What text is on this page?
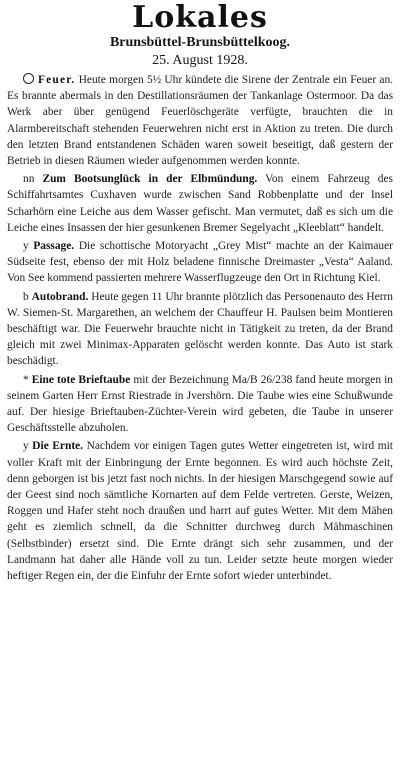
Lokales
Brunsbüttel-Brunsbüttelkoog.
25. August 1928.

Feuer. Heute morgen 5½ Uhr kündete die Sirene der Zentrale ein Feuer an. Es brannte abermals in den Destillationsräumen der Tankanlage Ostermoor. Da das Werk aber über genügend Feuerlöschgeräte verfügte, brauchten die in Alarmbereitschaft stehenden Feuerwehren nicht erst in Aktion zu treten. Die durch den letzten Brand entstandenen Schäden waren soweit beseitigt, daß gestern der Betrieb in diesen Räumen wieder aufgenommen werden konnte.

nn Zum Bootsunglück in der Elbmündung. Von einem Fahrzeug des Schiffahrtsamtes Cuxhaven wurde zwischen Sand Robbenplatte und der Insel Scharhörn eine Leiche aus dem Wasser gefischt. Man vermutet, daß es sich um die Leiche eines Insassen der hier gesunkenen Bremer Segelyacht „Kleeblatt“ handelt.

y Passage. Die schottische Motoryacht „Grey Mist“ machte an der Kaimauer Südseite fest, ebenso der mit Holz beladene finnische Dreimaster „Vesta“ Aaland. Von See kommend passierten mehrere Wasserflugzeuge den Ort in Richtung Kiel.

b Autobrand. Heute gegen 11 Uhr brannte plötzlich das Personenauto des Herrn W. Siemen-St. Margarethen, an welchem der Chauffeur H. Paulsen beim Montieren beschäftigt war. Die Feuerwehr brauchte nicht in Tätigkeit zu treten, da der Brand gleich mit zwei Minimax-Apparaten gelöscht werden konnte. Das Auto ist stark beschädigt.

* Eine tote Brieftaube mit der Bezeichnung Ma/B 26/238 fand heute morgen in seinem Garten Herr Ernst Riestrade in Jvershörn. Die Taube wies eine Schußwunde auf. Der hiesige Brieftauben-Züchter-Verein wird gebeten, die Taube in unserer Geschäftsstelle abzuholen.

y Die Ernte. Nachdem vor einigen Tagen gutes Wetter eingetreten ist, wird mit voller Kraft mit der Einbringung der Ernte begonnen. Es wird auch höchste Zeit, denn geborgen ist bis jetzt fast noch nichts. In der hiesigen Marschgegend sowie auf der Geest sind noch sämtliche Kornarten auf dem Felde vertreten. Gerste, Weizen, Roggen und Hafer steht noch draußen und harrt auf gutes Wetter. Mit dem Mähen geht es ziemlich schnell, da die Schnitter durchweg durch Mähmaschinen (Selbstbinder) ersetzt sind. Die Ernte drängt sich sehr zusammen, und der Landmann hat daher alle Hände voll zu tun. Leider setzte heute morgen wieder heftiger Regen ein, der die Einfuhr der Ernte sofort wieder unterbindet.
